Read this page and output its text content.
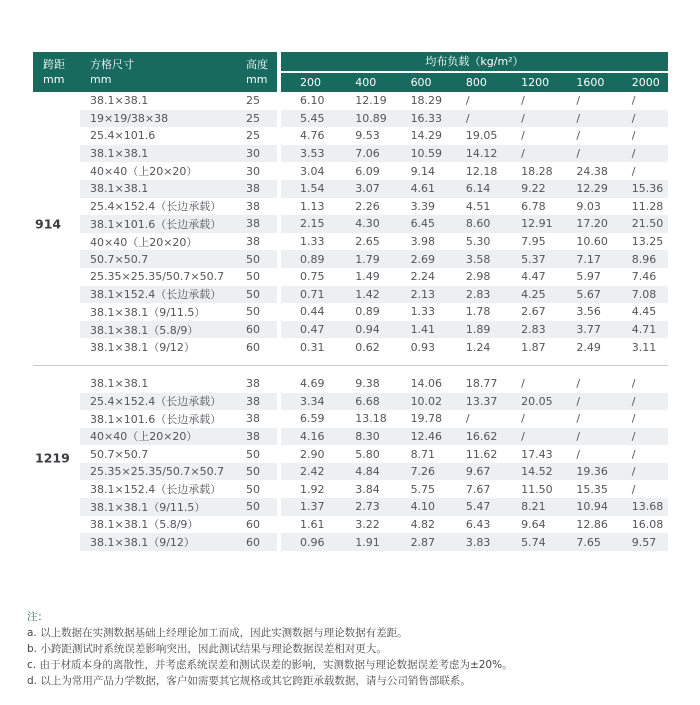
跨距
mm
方格尺寸
mm
高度
mm
均布负载（kg/m²）
200	400	600	800	1200	1600	2000
914
38.1×38.1	25	6.10	12.19	18.29	/	/	/	/
19×19/38×38	25	5.45	10.89	16.33	/	/	/	/
25.4×101.6	25	4.76	9.53	14.29	19.05	/	/	/
38.1×38.1	30	3.53	7.06	10.59	14.12	/	/	/
40×40（上20×20）	30	3.04	6.09	9.14	12.18	18.28	24.38	/
38.1×38.1	38	1.54	3.07	4.61	6.14	9.22	12.29	15.36
25.4×152.4（长边承载）	38	1.13	2.26	3.39	4.51	6.78	9.03	11.28
38.1×101.6（长边承载）	38	2.15	4.30	6.45	8.60	12.91	17.20	21.50
40×40（上20×20）	38	1.33	2.65	3.98	5.30	7.95	10.60	13.25
50.7×50.7	50	0.89	1.79	2.69	3.58	5.37	7.17	8.96
25.35×25.35/50.7×50.7	50	0.75	1.49	2.24	2.98	4.47	5.97	7.46
38.1×152.4（长边承载）	50	0.71	1.42	2.13	2.83	4.25	5.67	7.08
38.1×38.1（9/11.5）	50	0.44	0.89	1.33	1.78	2.67	3.56	4.45
38.1×38.1（5.8/9）	60	0.47	0.94	1.41	1.89	2.83	3.77	4.71
38.1×38.1（9/12）	60	0.31	0.62	0.93	1.24	1.87	2.49	3.11
1219
38.1×38.1	38	4.69	9.38	14.06	18.77	/	/	/
25.4×152.4（长边承载）	38	3.34	6.68	10.02	13.37	20.05	/	/
38.1×101.6（长边承载）	38	6.59	13.18	19.78	/	/	/	/
40×40（上20×20）	38	4.16	8.30	12.46	16.62	/	/	/
50.7×50.7	50	2.90	5.80	8.71	11.62	17.43	/	/
25.35×25.35/50.7×50.7	50	2.42	4.84	7.26	9.67	14.52	19.36	/
38.1×152.4（长边承载）	50	1.92	3.84	5.75	7.67	11.50	15.35	/
38.1×38.1（9/11.5）	50	1.37	2.73	4.10	5.47	8.21	10.94	13.68
38.1×38.1（5.8/9）	60	1.61	3.22	4.82	6.43	9.64	12.86	16.08
38.1×38.1（9/12）	60	0.96	1.91	2.87	3.83	5.74	7.65	9.57
注：
a. 以上数据在实测数据基础上经理论加工而成，因此实测数据与理论数据有差距。
b. 小跨距测试时系统误差影响突出，因此测试结果与理论数据误差相对更大。
c. 由于材质本身的离散性，并考虑系统误差和测试误差的影响，实测数据与理论数据误差考虑为±20%。
d. 以上为常用产品力学数据，客户如需要其它规格或其它跨距承载数据，请与公司销售部联系。
